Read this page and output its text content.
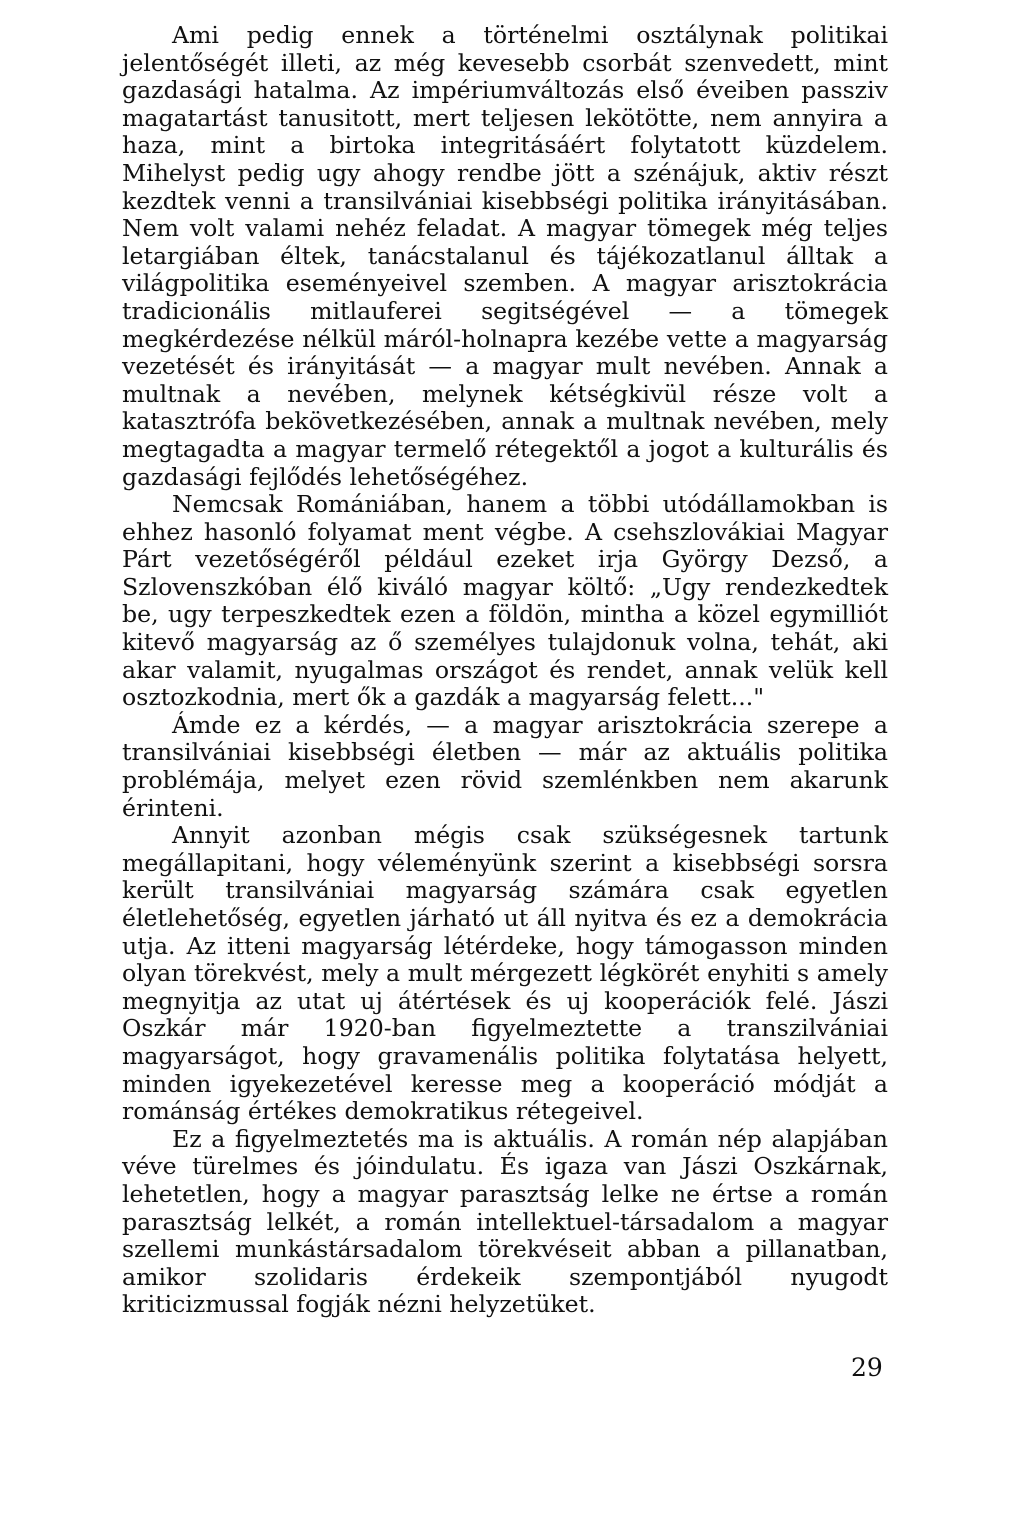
Ami pedig ennek a történelmi osztálynak politikai jelentőségét illeti, az még kevesebb csorbát szenvedett, mint gazdasági hatalma. Az impériumváltozás első éveiben passziv magatartást tanusitott, mert teljesen lekötötte, nem annyira a haza, mint a birtoka integritásáért folytatott küzdelem. Mihelyst pedig ugy ahogy rendbe jött a szénájuk, aktiv részt kezdtek venni a transilvániai kisebbségi politika irányitásában. Nem volt valami nehéz feladat. A magyar tömegek még teljes letargiában éltek, tanácstalanul és tájékozatlanul álltak a világpolitika eseményeivel szemben. A magyar arisztokrácia tradicionális mitlauferei segitségével — a tömegek megkérdezése nélkül máról-holnapra kezébe vette a magyarság vezetését és irányitását — a magyar mult nevében. Annak a multnak a nevében, melynek kétségkivül része volt a katasztrófa bekövetkezésében, annak a multnak nevében, mely megtagadta a magyar termelő rétegektől a jogot a kulturális és gazdasági fejlődés lehetőségéhez.

Nemcsak Romániában, hanem a többi utódállamokban is ehhez hasonló folyamat ment végbe. A csehszlovákiai Magyar Párt vezetőségéről például ezeket irja György Dezső, a Szlovenszkóban élő kiváló magyar költő: „Ugy rendezkedtek be, ugy terpeszkedtek ezen a földön, mintha a közel egymilliót kitevő magyarság az ő személyes tulajdonuk volna, tehát, aki akar valamit, nyugalmas országot és rendet, annak velük kell osztozkodnia, mert ők a gazdák a magyarság felett..."

Ámde ez a kérdés, — a magyar arisztokrácia szerepe a transilvániai kisebbségi életben — már az aktuális politika problémája, melyet ezen rövid szemlénkben nem akarunk érinteni.

Annyit azonban mégis csak szükségesnek tartunk megállapitani, hogy véleményünk szerint a kisebbségi sorsra került transilvániai magyarság számára csak egyetlen életlehetőség, egyetlen járható ut áll nyitva és ez a demokrácia utja. Az itteni magyarság létérdeke, hogy támogasson minden olyan törekvést, mely a mult mérgezett légkörét enyhiti s amely megnyitja az utat uj átértések és uj kooperációk felé. Jászi Oszkár már 1920-ban figyelmeztette a transzilvániai magyarságot, hogy gravamenális politika folytatása helyett, minden igyekezetével keresse meg a kooperáció módját a románság értékes demokratikus rétegeivel.

Ez a figyelmeztetés ma is aktuális. A román nép alapjában véve türelmes és jóindulatu. És igaza van Jászi Oszkárnak, lehetetlen, hogy a magyar parasztság lelke ne értse a román parasztság lelkét, a román intellektuel-társadalom a magyar szellemi munkástársadalom törekvéseit abban a pillanatban, amikor szolidaris érdekeik szempontjából nyugodt kriticizmussal fogják nézni helyzetüket.

29
